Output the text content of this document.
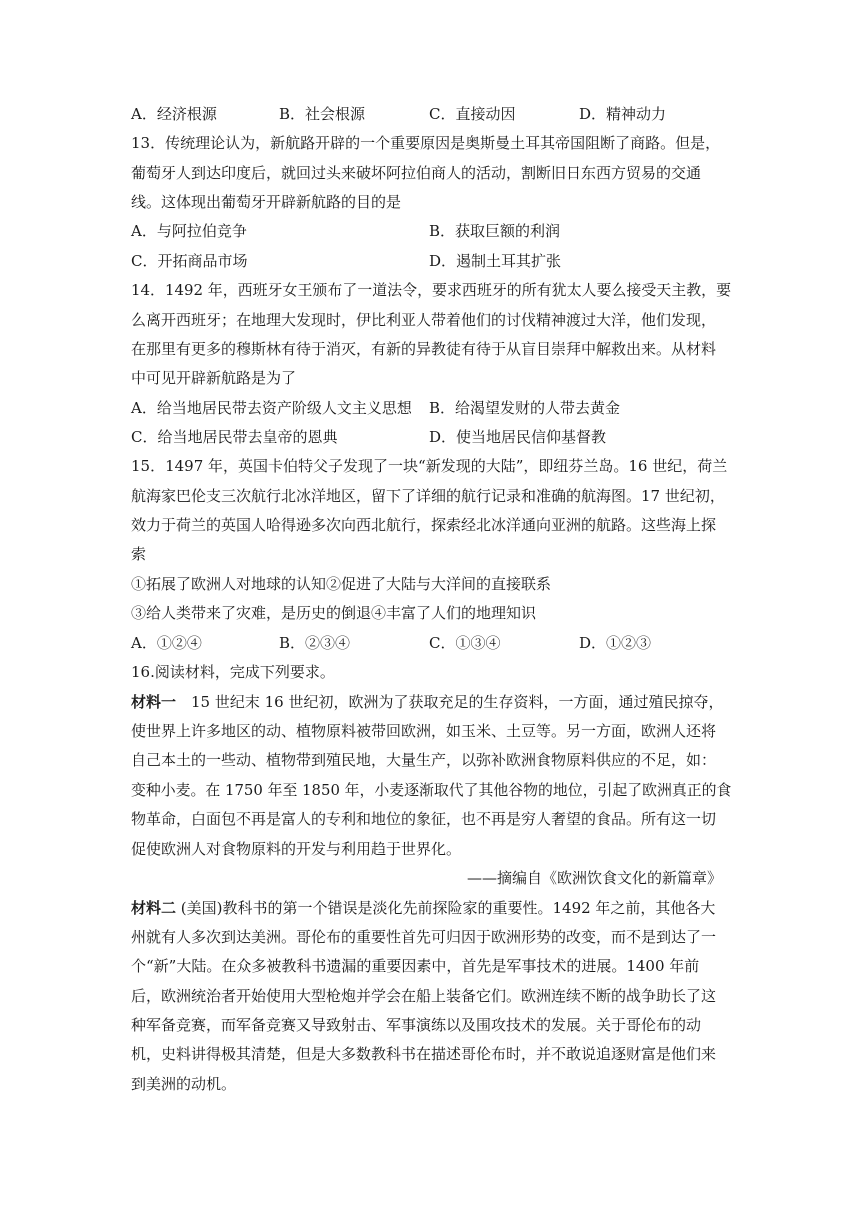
A．经济根源	B．社会根源	C．直接动因	D．精神动力
13．传统理论认为，新航路开辟的一个重要原因是奥斯曼土耳其帝国阻断了商路。但是，
葡萄牙人到达印度后，就回过头来破坏阿拉伯商人的活动，割断旧日东西方贸易的交通
线。这体现出葡萄牙开辟新航路的目的是
A．与阿拉伯竞争	B．获取巨额的利润
C．开拓商品市场	D．遏制土耳其扩张
14．1492 年，西班牙女王颁布了一道法令，要求西班牙的所有犹太人要么接受天主教，要
么离开西班牙；在地理大发现时，伊比利亚人带着他们的讨伐精神渡过大洋，他们发现，
在那里有更多的穆斯林有待于消灭，有新的异教徒有待于从盲目崇拜中解救出来。从材料
中可见开辟新航路是为了
A．给当地居民带去资产阶级人文主义思想 B．给渴望发财的人带去黄金
C．给当地居民带去皇帝的恩典	D．使当地居民信仰基督教
15．1497 年，英国卡伯特父子发现了一块“新发现的大陆”，即纽芬兰岛。16 世纪，荷兰
航海家巴伦支三次航行北冰洋地区，留下了详细的航行记录和准确的航海图。17 世纪初，
效力于荷兰的英国人哈得逊多次向西北航行，探索经北冰洋通向亚洲的航路。这些海上探
索
①拓展了欧洲人对地球的认知②促进了大陆与大洋间的直接联系
③给人类带来了灾难，是历史的倒退④丰富了人们的地理知识
A．①②④	B．②③④	C．①③④	D．①②③
16.阅读材料，完成下列要求。
材料一　15 世纪末 16 世纪初，欧洲为了获取充足的生存资料，一方面，通过殖民掠夺，
使世界上许多地区的动、植物原料被带回欧洲，如玉米、土豆等。另一方面，欧洲人还将
自己本土的一些动、植物带到殖民地，大量生产，以弥补欧洲食物原料供应的不足，如：
变种小麦。在 1750 年至 1850 年，小麦逐渐取代了其他谷物的地位，引起了欧洲真正的食
物革命，白面包不再是富人的专利和地位的象征，也不再是穷人奢望的食品。所有这一切
促使欧洲人对食物原料的开发与利用趋于世界化。
——摘编自《欧洲饮食文化的新篇章》
材料二 (美国)教科书的第一个错误是淡化先前探险家的重要性。1492 年之前，其他各大
州就有人多次到达美洲。哥伦布的重要性首先可归因于欧洲形势的改变，而不是到达了一
个“新”大陆。在众多被教科书遗漏的重要因素中，首先是军事技术的进展。1400 年前
后，欧洲统治者开始使用大型枪炮并学会在船上装备它们。欧洲连续不断的战争助长了这
种军备竞赛，而军备竞赛又导致射击、军事演练以及围攻技术的发展。关于哥伦布的动
机，史料讲得极其清楚，但是大多数教科书在描述哥伦布时，并不敢说追逐财富是他们来
到美洲的动机。
